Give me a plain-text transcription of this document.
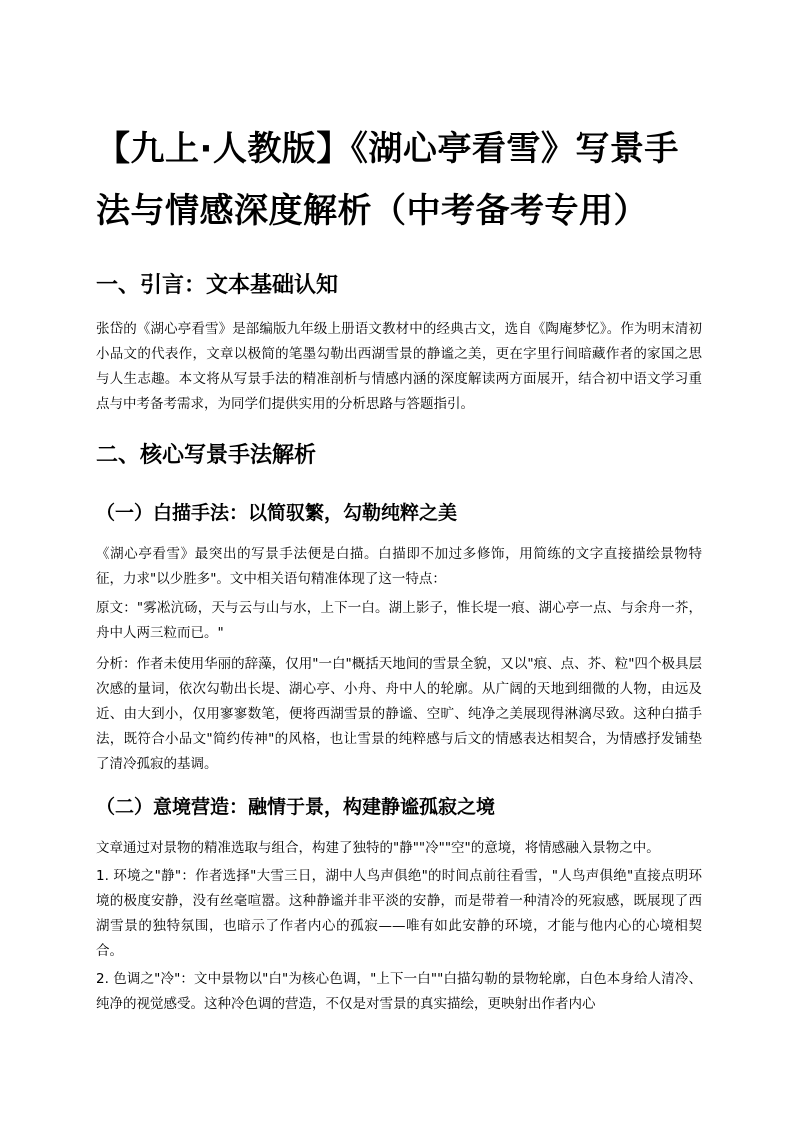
【九上·人教版】《湖心亭看雪》写景手法与情感深度解析（中考备考专用）
一、引言：文本基础认知
张岱的《湖心亭看雪》是部编版九年级上册语文教材中的经典古文，选自《陶庵梦忆》。作为明末清初小品文的代表作，文章以极简的笔墨勾勒出西湖雪景的静谧之美，更在字里行间暗藏作者的家国之思与人生志趣。本文将从写景手法的精准剖析与情感内涵的深度解读两方面展开，结合初中语文学习重点与中考备考需求，为同学们提供实用的分析思路与答题指引。
二、核心写景手法解析
（一）白描手法：以简驭繁，勾勒纯粹之美
《湖心亭看雪》最突出的写景手法便是白描。白描即不加过多修饰，用简练的文字直接描绘景物特征，力求"以少胜多"。文中相关语句精准体现了这一特点：
原文："雾凇沆砀，天与云与山与水，上下一白。湖上影子，惟长堤一痕、湖心亭一点、与余舟一芥，舟中人两三粒而已。"
分析：作者未使用华丽的辞藻，仅用"一白"概括天地间的雪景全貌，又以"痕、点、芥、粒"四个极具层次感的量词，依次勾勒出长堤、湖心亭、小舟、舟中人的轮廓。从广阔的天地到细微的人物，由远及近、由大到小，仅用寥寥数笔，便将西湖雪景的静谧、空旷、纯净之美展现得淋漓尽致。这种白描手法，既符合小品文"简约传神"的风格，也让雪景的纯粹感与后文的情感表达相契合，为情感抒发铺垫了清冷孤寂的基调。
（二）意境营造：融情于景，构建静谧孤寂之境
文章通过对景物的精准选取与组合，构建了独特的"静""冷""空"的意境，将情感融入景物之中。
1. 环境之"静"：作者选择"大雪三日，湖中人鸟声俱绝"的时间点前往看雪，"人鸟声俱绝"直接点明环境的极度安静，没有丝毫喧嚣。这种静谧并非平淡的安静，而是带着一种清冷的死寂感，既展现了西湖雪景的独特氛围，也暗示了作者内心的孤寂——唯有如此安静的环境，才能与他内心的心境相契合。
2. 色调之"冷"：文中景物以"白"为核心色调，"上下一白""白描勾勒的景物轮廓，白色本身给人清冷、纯净的视觉感受。这种冷色调的营造，不仅是对雪景的真实描绘，更映射出作者内心
